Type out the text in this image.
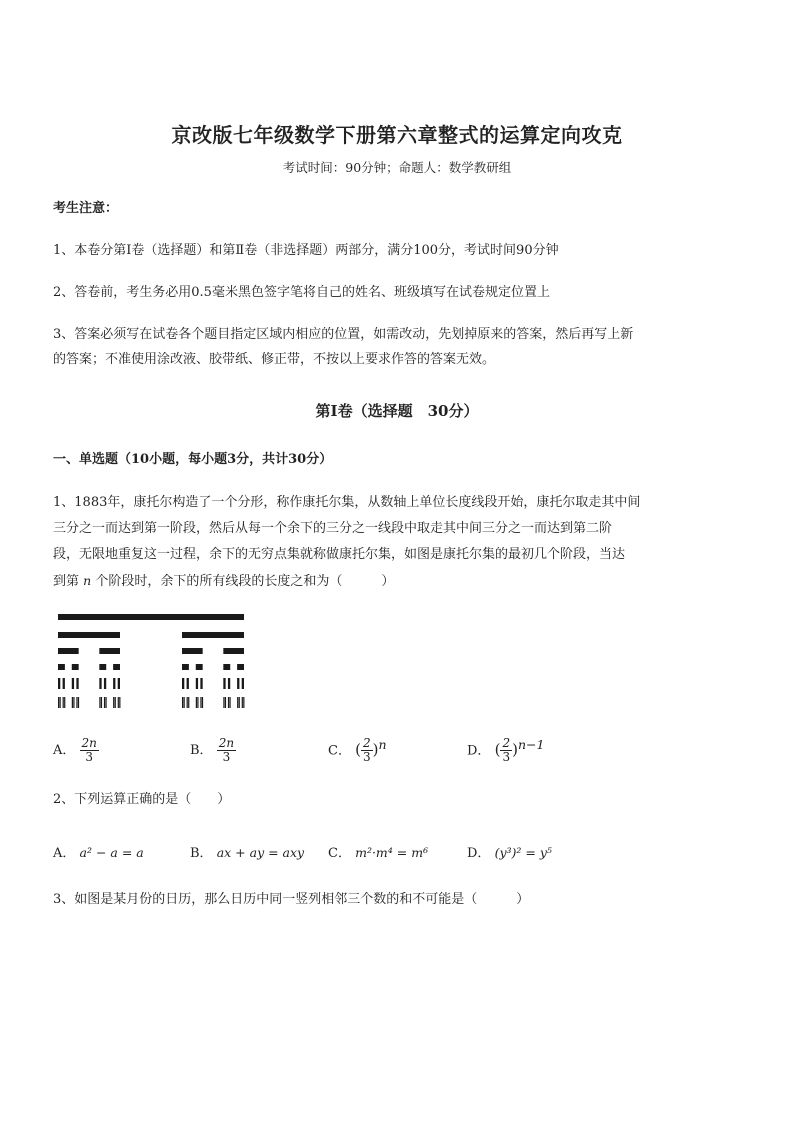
京改版七年级数学下册第六章整式的运算定向攻克
考试时间：90分钟；命题人：数学教研组
考生注意：
1、本卷分第Ⅰ卷（选择题）和第Ⅱ卷（非选择题）两部分，满分100分，考试时间90分钟
2、答卷前，考生务必用0.5毫米黑色签字笔将自己的姓名、班级填写在试卷规定位置上
3、答案必须写在试卷各个题目指定区域内相应的位置，如需改动，先划掉原来的答案，然后再写上新
的答案；不准使用涂改液、胶带纸、修正带，不按以上要求作答的答案无效。
第Ⅰ卷（选择题　30分）
一、单选题（10小题，每小题3分，共计30分）
1、1883年，康托尔构造了一个分形，称作康托尔集，从数轴上单位长度线段开始，康托尔取走其中间
三分之一而达到第一阶段，然后从每一个余下的三分之一线段中取走其中间三分之一而达到第二阶
段，无限地重复这一过程，余下的无穷点集就称做康托尔集，如图是康托尔集的最初几个阶段，当达
到第 n 个阶段时，余下的所有线段的长度之和为（　　　）
A． $\frac{2n}{3}$	B． $\frac{2n}{3}$	C． ( $\frac{2}{3} )^n$	D． ( $\frac{2}{3} )^{n-1}$
2、下列运算正确的是（　　）
A． a² − a = a	B． ax + ay = axy C． m²·m⁴ = m⁶	D． (y³)² = y⁵
3、如图是某月份的日历，那么日历中同一竖列相邻三个数的和不可能是（　　　）
